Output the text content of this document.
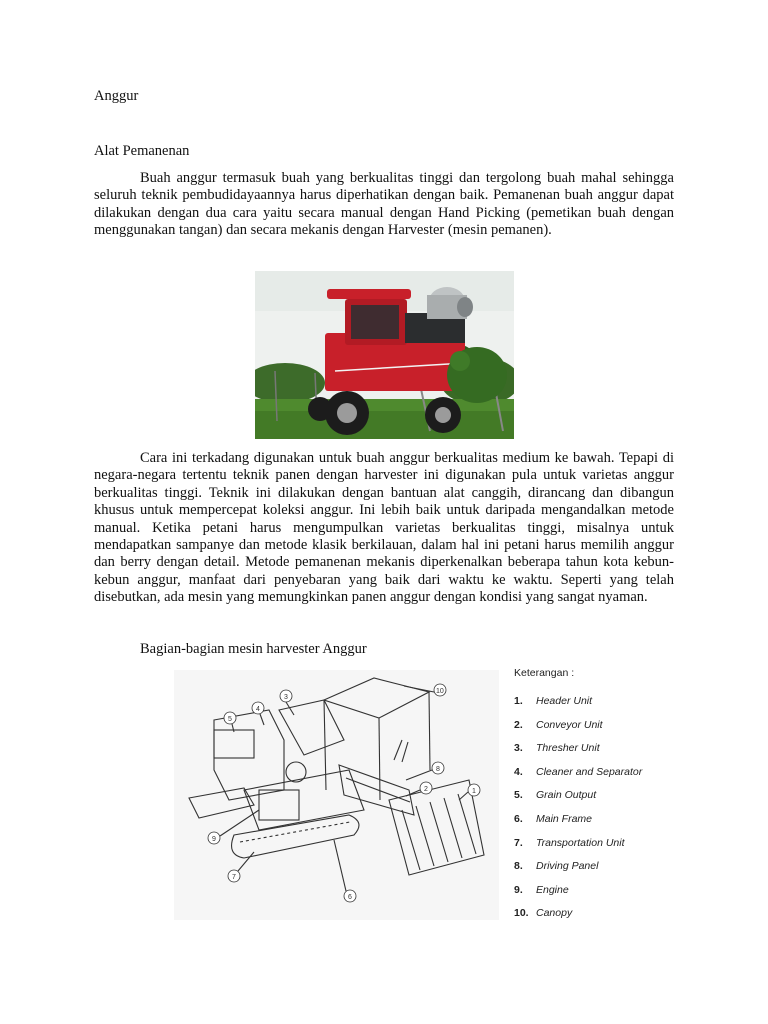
Anggur
Alat Pemanenan

Buah anggur termasuk buah yang berkualitas tinggi dan tergolong buah mahal sehingga seluruh teknik pembudidayaannya harus diperhatikan dengan baik. Pemanenan buah anggur dapat dilakukan dengan dua cara yaitu secara manual dengan Hand Picking (pemetikan buah dengan menggunakan tangan) dan secara mekanis dengan Harvester (mesin pemanen).

Cara ini terkadang digunakan untuk buah anggur berkualitas medium ke bawah. Tepapi di negara-negara tertentu teknik panen dengan harvester ini digunakan pula untuk varietas anggur berkualitas tinggi. Teknik ini dilakukan dengan bantuan alat canggih, dirancang dan dibangun khusus untuk mempercepat koleksi anggur. Ini lebih baik untuk daripada mengandalkan metode manual. Ketika petani harus mengumpulkan varietas berkualitas tinggi, misalnya untuk mendapatkan sampanye dan metode klasik berkilauan, dalam hal ini petani harus memilih anggur dan berry dengan detail. Metode pemanenan mekanis diperkenalkan beberapa tahun kota kebun-kebun anggur, manfaat dari penyebaran yang baik dari waktu ke waktu. Seperti yang telah disebutkan, ada mesin yang memungkinkan panen anggur dengan kondisi yang sangat nyaman.

Bagian-bagian mesin harvester Anggur
1
2
3
4
5
6
7
8
9
10
Keterangan :
1. Header Unit
2. Conveyor Unit
3. Thresher Unit
4. Cleaner and Separator
5. Grain Output
6. Main Frame
7. Transportation Unit
8. Driving Panel
9. Engine
10. Canopy
